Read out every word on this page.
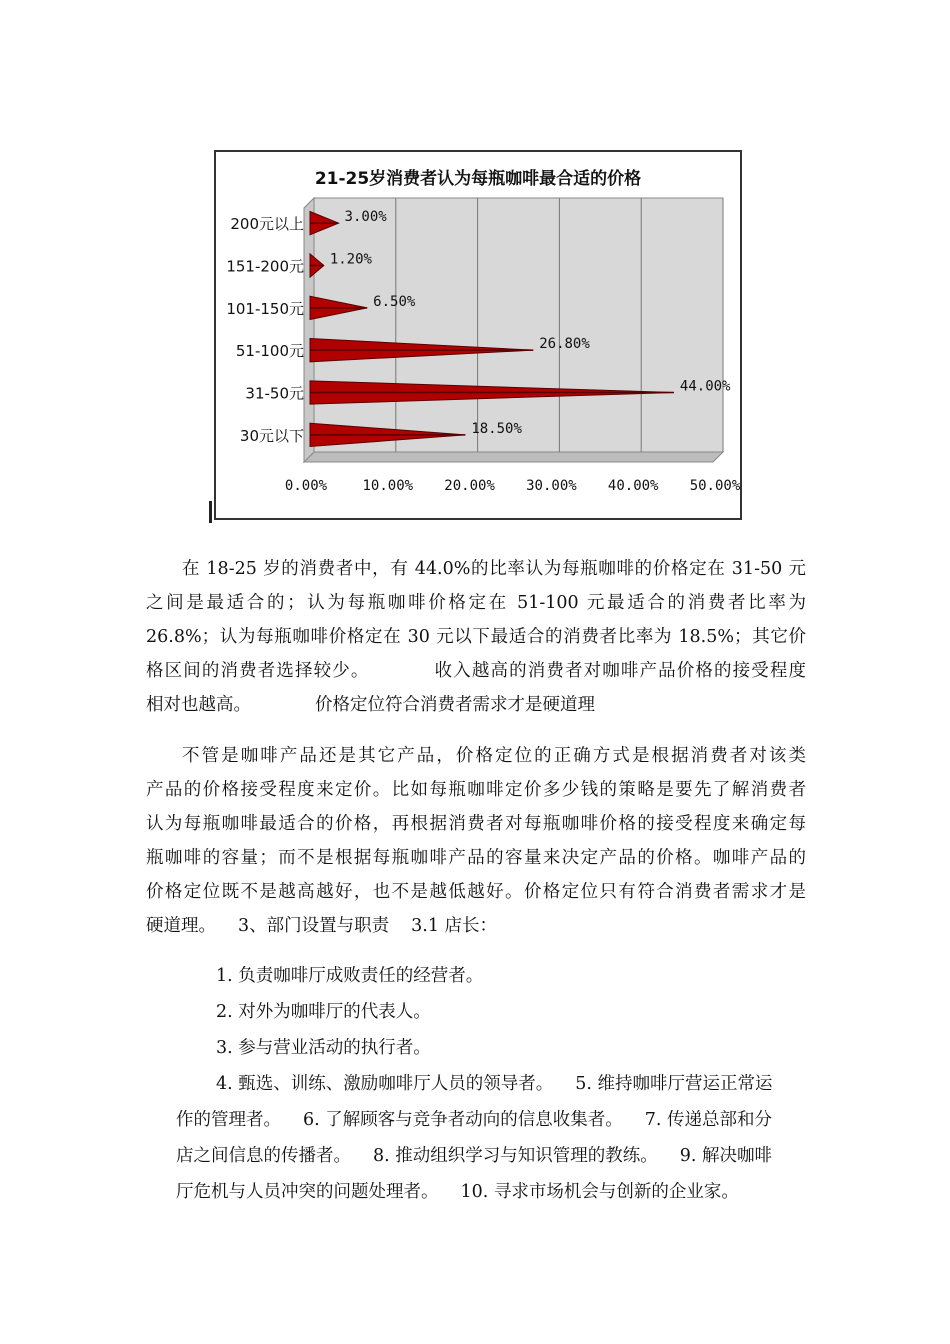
21-25岁消费者认为每瓶咖啡最合适的价格
0.00%	10.00% 20.00% 30.00% 40.00% 50.00%
200元以上	3.00%
151-200元 1.20%
101-150元	6.50%
51-100元	26.80%
31-50元	44.00%
30元以下	18.50%
在 18-25 岁的消费者中，有 44.0%的比率认为每瓶咖啡的价格定在 31-50 元
之间是最适合的；认为每瓶咖啡价格定在 51-100 元最适合的消费者比率为
26.8%；认为每瓶咖啡价格定在 30 元以下最适合的消费者比率为 18.5%；其它价
格区间的消费者选择较少。	收入越高的消费者对咖啡产品价格的接受程度
相对也越高。	价格定位符合消费者需求才是硬道理
不管是咖啡产品还是其它产品，价格定位的正确方式是根据消费者对该类
产品的价格接受程度来定价。比如每瓶咖啡定价多少钱的策略是要先了解消费者
认为每瓶咖啡最适合的价格，再根据消费者对每瓶咖啡价格的接受程度来确定每
瓶咖啡的容量；而不是根据每瓶咖啡产品的容量来决定产品的价格。咖啡产品的
价格定位既不是越高越好，也不是越低越好。价格定位只有符合消费者需求才是
硬道理。 3、部门设置与职责 3.1 店长：
1. 负责咖啡厅成败责任的经营者。
2. 对外为咖啡厅的代表人。
3. 参与营业活动的执行者。
4. 甄选、训练、激励咖啡厅人员的领导者。 5. 维持咖啡厅营运正常运
作的管理者。 6. 了解顾客与竞争者动向的信息收集者。 7. 传递总部和分
店之间信息的传播者。 8. 推动组织学习与知识管理的教练。 9. 解决咖啡
厅危机与人员冲突的问题处理者。 10. 寻求市场机会与创新的企业家。
